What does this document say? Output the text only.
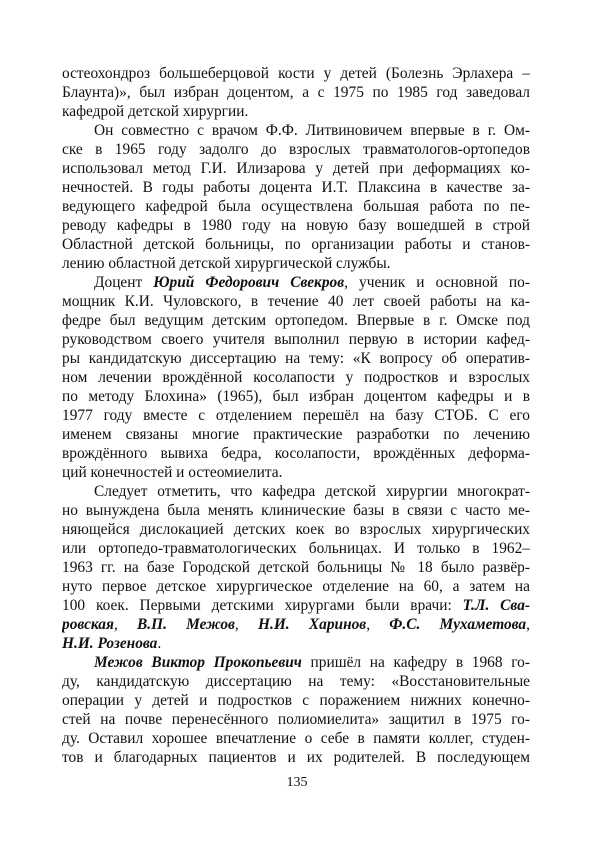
остеохондроз большеберцовой кости у детей (Болезнь Эрлахера –
Блаунта)», был избран доцентом, а с 1975 по 1985 год заведовал
кафедрой детской хирургии.
Он совместно с врачом Ф.Ф. Литвиновичем впервые в г. Ом-
ске в 1965 году задолго до взрослых травматологов-ортопедов
использовал метод Г.И. Илизарова у детей при деформациях ко-
нечностей. В годы работы доцента И.Т. Плаксина в качестве за-
ведующего кафедрой была осуществлена большая работа по пе-
реводу кафедры в 1980 году на новую базу вошедшей в строй
Областной детской больницы, по организации работы и станов-
лению областной детской хирургической службы.
Доцент Юрий Федорович Свекров, ученик и основной по-
мощник К.И. Чуловского, в течение 40 лет своей работы на ка-
федре был ведущим детским ортопедом. Впервые в г. Омске под
руководством своего учителя выполнил первую в истории кафед-
ры кандидатскую диссертацию на тему: «К вопросу об оператив-
ном лечении врождённой косолапости у подростков и взрослых
по методу Блохина» (1965), был избран доцентом кафедры и в
1977 году вместе с отделением перешёл на базу СТОБ. С его
именем связаны многие практические разработки по лечению
врождённого вывиха бедра, косолапости, врождённых деформа-
ций конечностей и остеомиелита.
Следует отметить, что кафедра детской хирургии многократ-
но вынуждена была менять клинические базы в связи с часто ме-
няющейся дислокацией детских коек во взрослых хирургических
или ортопедо-травматологических больницах. И только в 1962–
1963 гг. на базе Городской детской больницы № 18 было развёр-
нуто первое детское хирургическое отделение на 60, а затем на
100 коек. Первыми детскими хирургами были врачи: Т.Л. Сва-
ровская, В.П. Межов, Н.И. Харинов, Ф.С. Мухаметова,
Н.И. Розенова.
Межов Виктор Прокопьевич пришёл на кафедру в 1968 го-
ду, кандидатскую диссертацию на тему: «Восстановительные
операции у детей и подростков с поражением нижних конечно-
стей на почве перенесённого полиомиелита» защитил в 1975 го-
ду. Оставил хорошее впечатление о себе в памяти коллег, студен-
тов и благодарных пациентов и их родителей. В последующем
135
